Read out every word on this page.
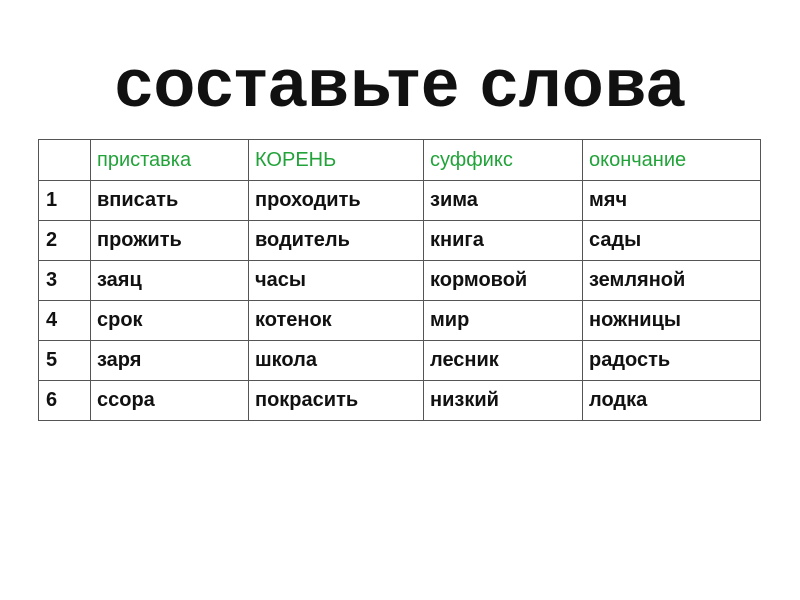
составьте слова
	приставка	КОРЕНЬ	суффикс	окончание
1	вписать	проходить	зима	мяч
2	прожить	водитель	книга	сады
3	заяц	часы	кормовой	земляной
4	срок	котенок	мир	ножницы
5	заря	школа	лесник	радость
6	ссора	покрасить	низкий	лодка
